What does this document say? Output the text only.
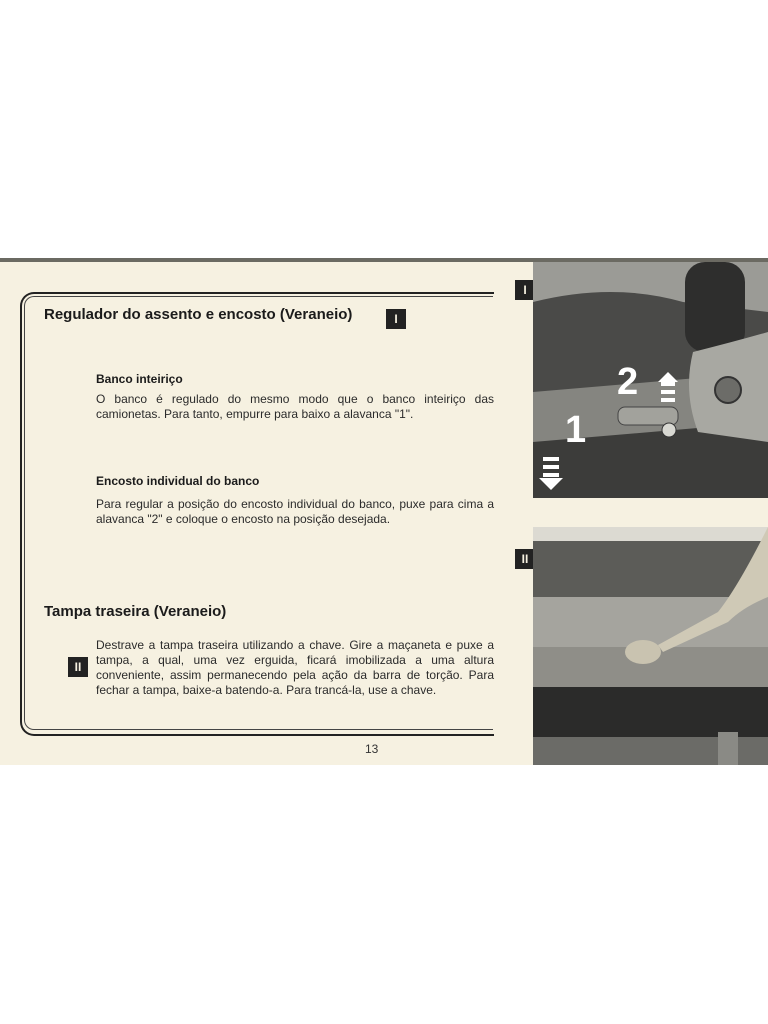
Regulador do assento e encosto (Veraneio)	I
Banco inteiriço
O banco é regulado do mesmo modo que o banco inteiriço das camionetas. Para tanto, empurre para baixo a alavanca "1".
Encosto individual do banco
Para regular a posição do encosto individual do banco, puxe para cima a alavanca "2" e coloque o encosto na posição desejada.
Tampa traseira (Veraneio)
II
Destrave a tampa traseira utilizando a chave. Gire a maçaneta e puxe a tampa, a qual, uma vez erguida, ficará imobilizada a uma altura conveniente, assim permanecendo pela ação da barra de torção. Para fechar a tampa, baixe-a batendo-a. Para trancá-la, use a chave.
13
I
1
2
II
